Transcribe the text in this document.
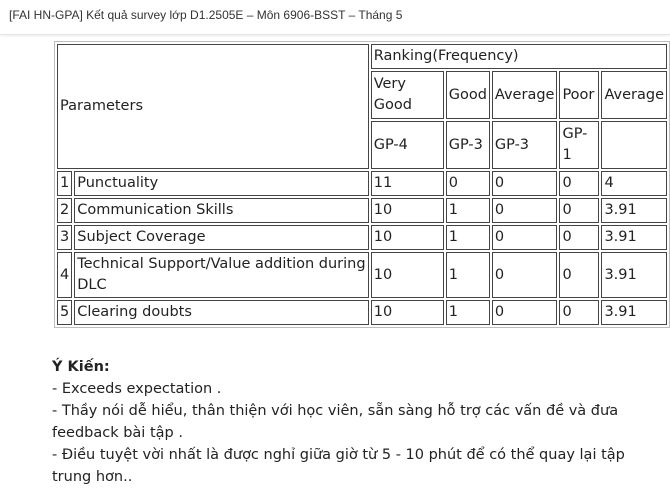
[FAI HN-GPA] Kết quả survey lớp D1.2505E – Môn 6906-BSST – Tháng 5
Parameters		Ranking(Frequency)				
		Very Good	Good	Average	Poor	Average
		GP-4	GP-3	GP-3	GP-1	
1	Punctuality	11	0	0	0	4
2	Communication Skills	10	1	0	0	3.91
3	Subject Coverage	10	1	0	0	3.91
4	Technical Support/Value addition during DLC	10	1	0	0	3.91
5	Clearing doubts	10	1	0	0	3.91

Ý Kiến:

- Exceeds expectation .

- Thầy nói dễ hiểu, thân thiện với học viên, sẵn sàng hỗ trợ các vấn đề và đưa feedback bài tập .

- Điều tuyệt vời nhất là được nghỉ giữa giờ từ 5 - 10 phút để có thể quay lại tập trung hơn..
